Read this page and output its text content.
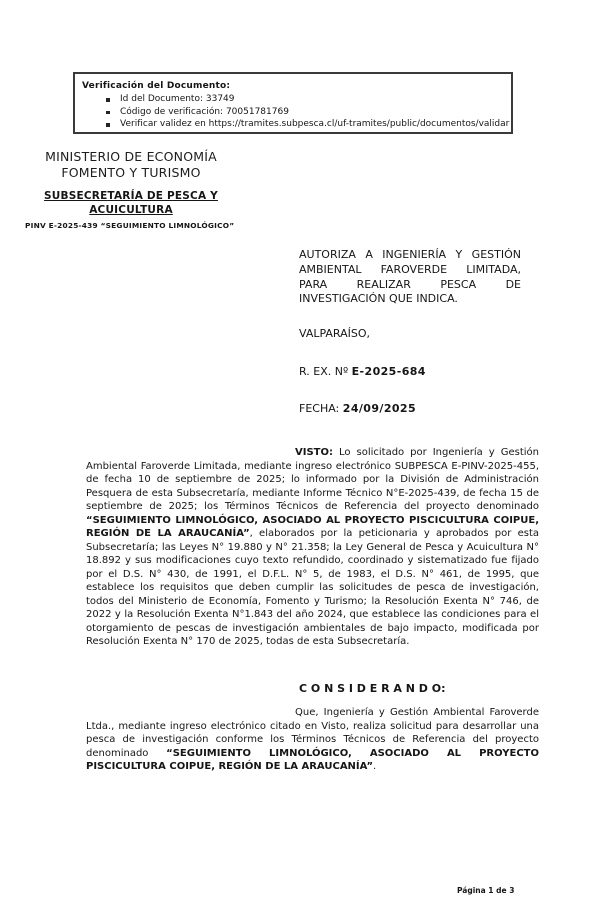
Verificación del Documento:
Id del Documento: 33749
Código de verificación: 70051781769
Verificar validez en https://tramites.subpesca.cl/uf-tramites/public/documentos/validar
MINISTERIO DE ECONOMÍA
FOMENTO Y TURISMO
SUBSECRETARÍA DE PESCA Y
ACUICULTURA
PINV E-2025-439 “SEGUIMIENTO LIMNOLÓGICO”
AUTORIZA A INGENIERÍA Y GESTIÓN AMBIENTAL FAROVERDE LIMITADA, PARA REALIZAR PESCA DE INVESTIGACIÓN QUE INDICA.
VALPARAÍSO,
R. EX. Nº E-2025-684
FECHA: 24/09/2025

VISTO: Lo solicitado por Ingeniería y Gestión Ambiental Faroverde Limitada, mediante ingreso electrónico SUBPESCA E-PINV-2025-455, de fecha 10 de septiembre de 2025; lo informado por la División de Administración Pesquera de esta Subsecretaría, mediante Informe Técnico N°E-2025-439, de fecha 15 de septiembre de 2025; los Términos Técnicos de Referencia del proyecto denominado “SEGUIMIENTO LIMNOLÓGICO, ASOCIADO AL PROYECTO PISCICULTURA COIPUE, REGIÓN DE LA ARAUCANÍA”, elaborados por la peticionaria y aprobados por esta Subsecretaría; las Leyes N° 19.880 y N° 21.358; la Ley General de Pesca y Acuicultura N° 18.892 y sus modificaciones cuyo texto refundido, coordinado y sistematizado fue fijado por el D.S. N° 430, de 1991, el D.F.L. N° 5, de 1983, el D.S. N° 461, de 1995, que establece los requisitos que deben cumplir las solicitudes de pesca de investigación, todos del Ministerio de Economía, Fomento y Turismo; la Resolución Exenta N° 746, de 2022 y la Resolución Exenta N°1.843 del año 2024, que establece las condiciones para el otorgamiento de pescas de investigación ambientales de bajo impacto, modificada por Resolución Exenta N° 170 de 2025, todas de esta Subsecretaría.

C O N S I D E R A N D O:

Que, Ingeniería y Gestión Ambiental Faroverde Ltda., mediante ingreso electrónico citado en Visto, realiza solicitud para desarrollar una pesca de investigación conforme los Términos Técnicos de Referencia del proyecto denominado “SEGUIMIENTO LIMNOLÓGICO, ASOCIADO AL PROYECTO PISCICULTURA COIPUE, REGIÓN DE LA ARAUCANÍA”.

Página 1 de 3
